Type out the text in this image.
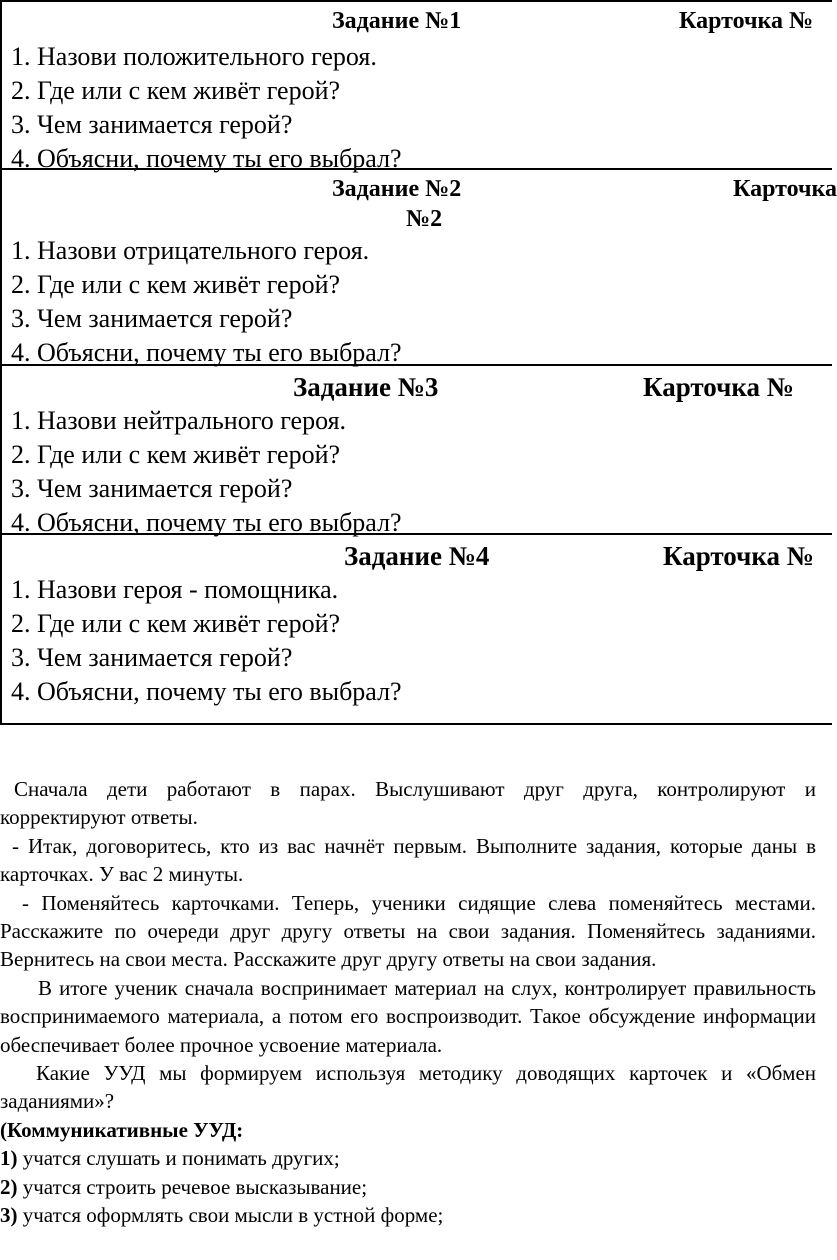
Задание №1	Карточка №
1. Назови положительного героя.
2. Где или с кем живёт герой?
3. Чем занимается герой?
4. Объясни, почему ты его выбрал?
Задание №2	Карточка
№2
1. Назови отрицательного героя.
2. Где или с кем живёт герой?
3. Чем занимается герой?
4. Объясни, почему ты его выбрал?
Задание №3	Карточка №
1. Назови нейтрального героя.
2. Где или с кем живёт герой?
3. Чем занимается герой?
4. Объясни, почему ты его выбрал?
Задание №4	Карточка №
1. Назови героя - помощника.
2. Где или с кем живёт герой?
3. Чем занимается герой?
4. Объясни, почему ты его выбрал?

Сначала дети работают в парах. Выслушивают друг друга, контролируют и корректируют ответы.

- Итак, договоритесь, кто из вас начнёт первым. Выполните задания, которые даны в карточках. У вас 2 минуты.

- Поменяйтесь карточками. Теперь, ученики сидящие слева поменяйтесь местами. Расскажите по очереди друг другу ответы на свои задания. Поменяйтесь заданиями. Вернитесь на свои места. Расскажите друг другу ответы на свои задания.

В итоге ученик сначала воспринимает материал на слух, контролирует правильность воспринимаемого материала, а потом его воспроизводит. Такое обсуждение информации обеспечивает более прочное усвоение материала.

Какие УУД мы формируем используя методику доводящих карточек и «Обмен заданиями»?

(Коммуникативные УУД:

1) учатся слушать и понимать других;

2) учатся строить речевое высказывание;

3) учатся оформлять свои мысли в устной форме;
